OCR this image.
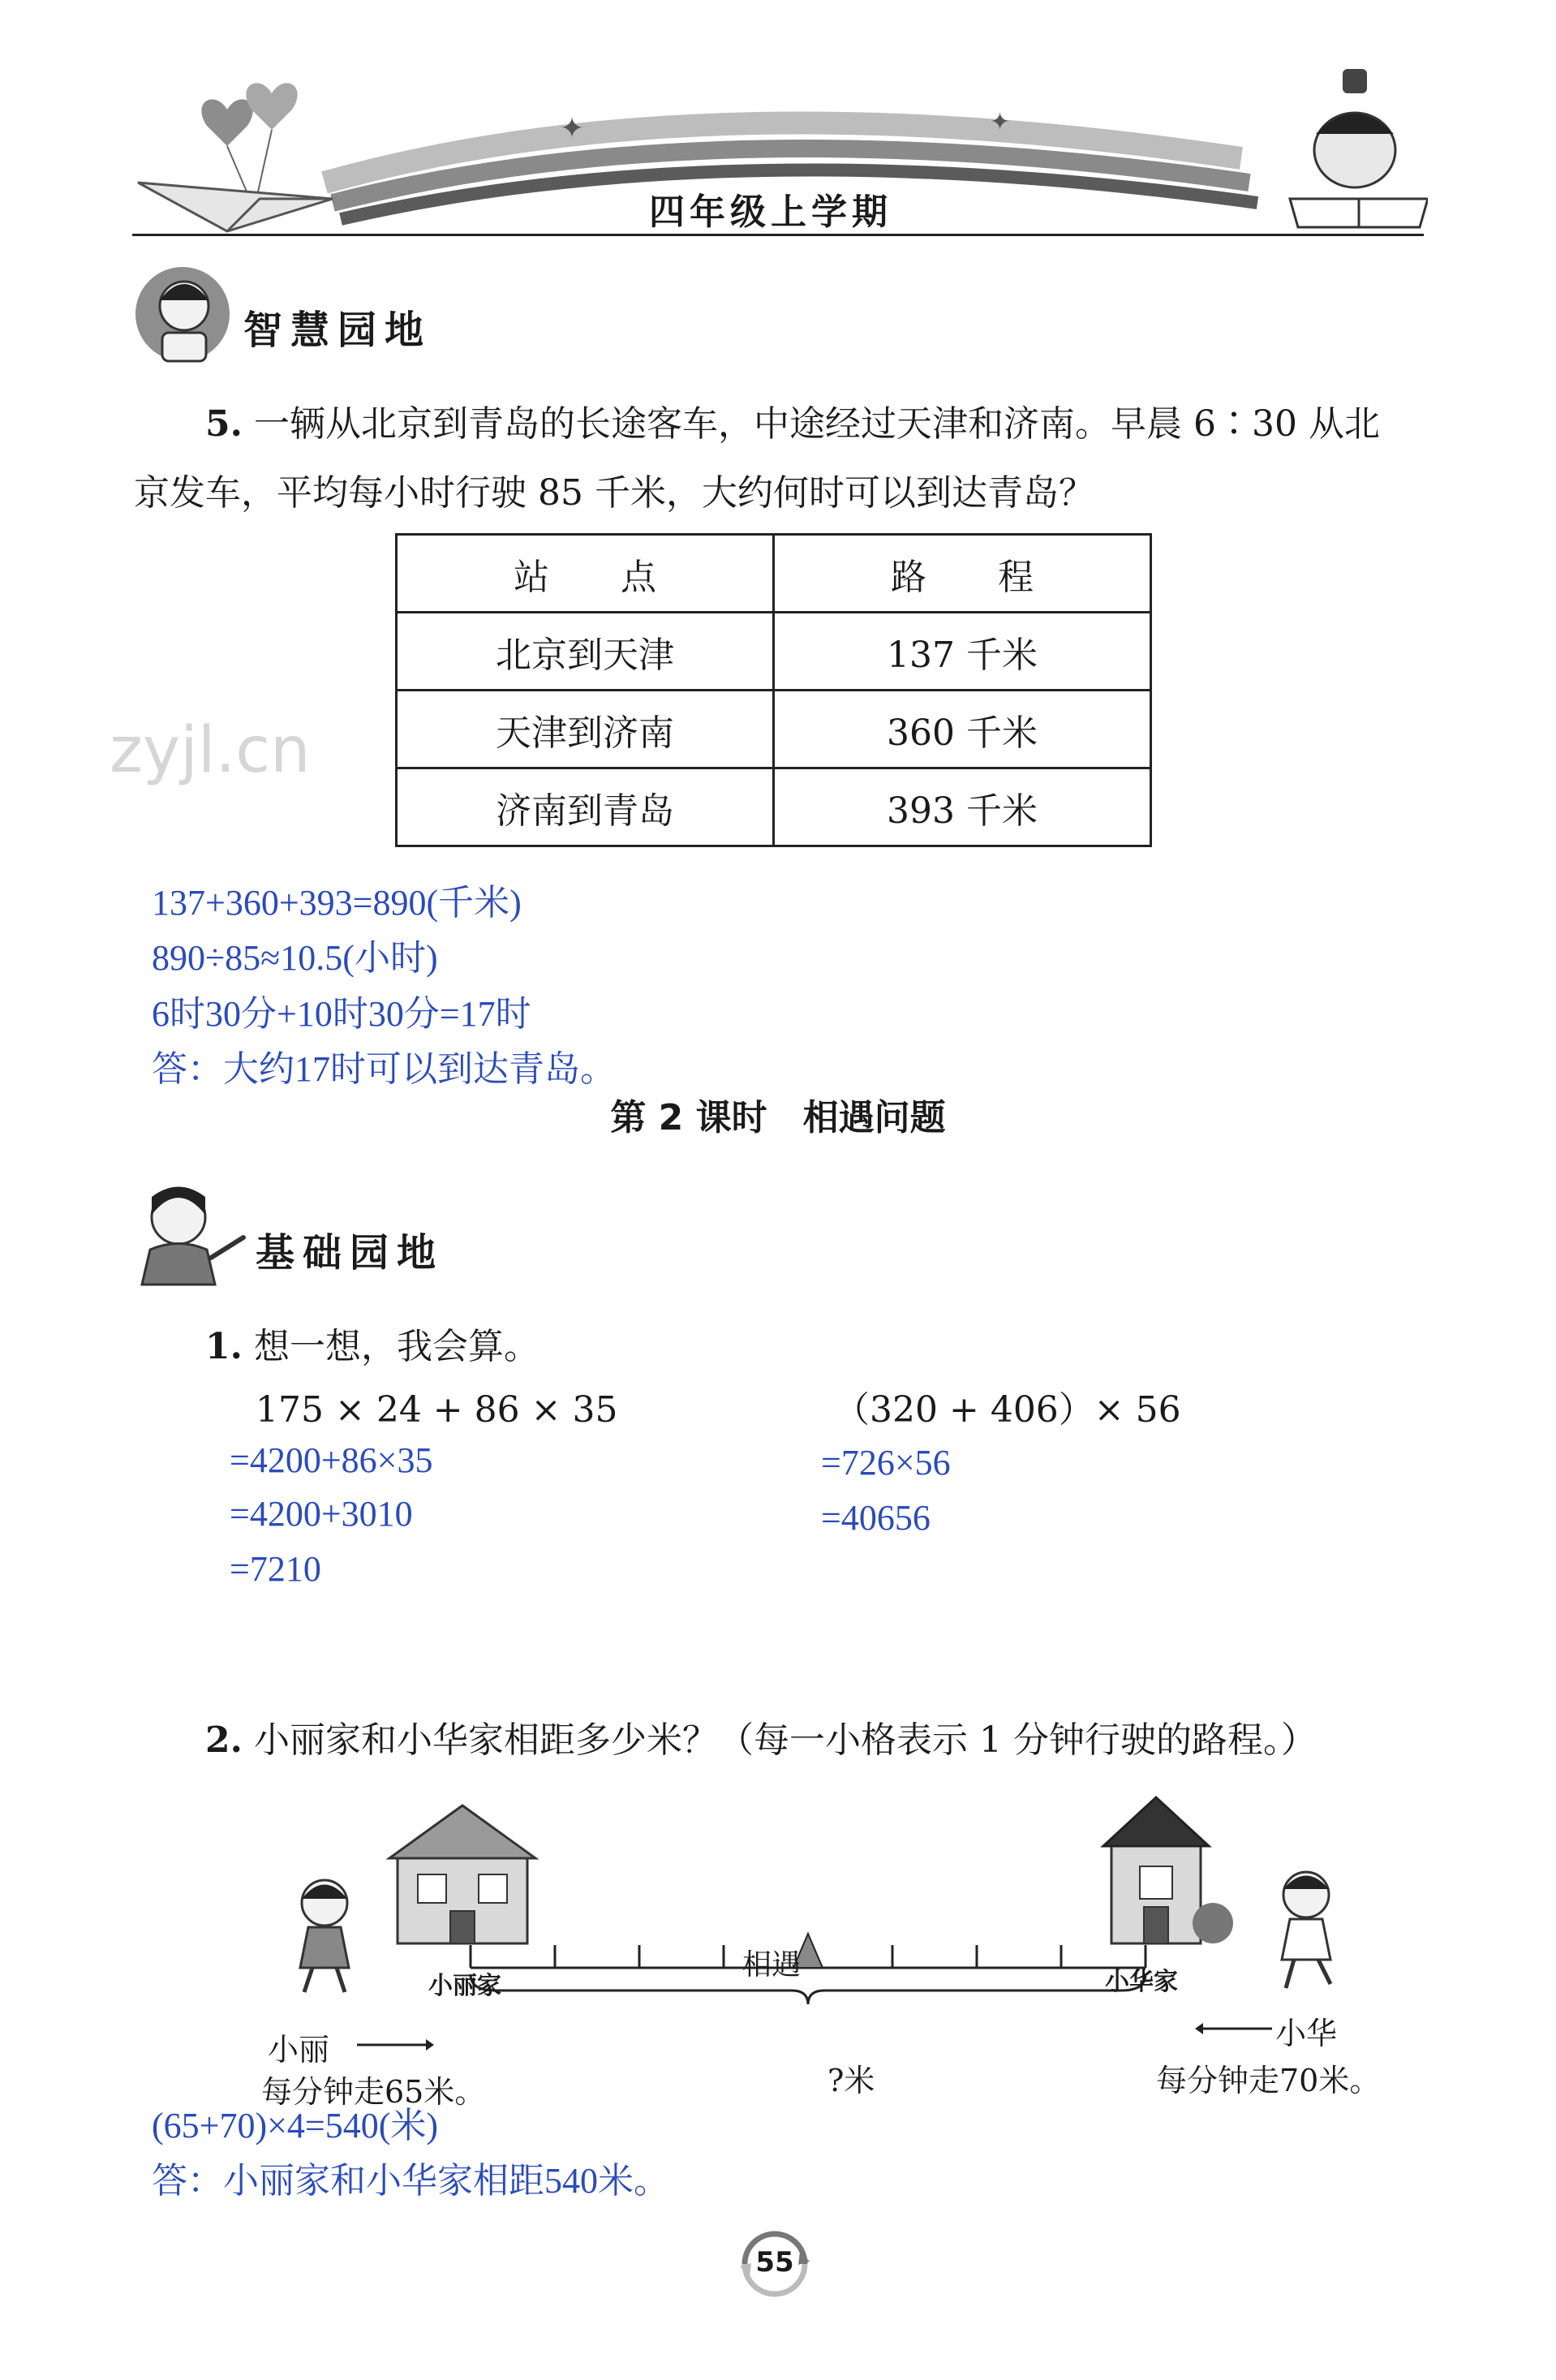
✦	✦
四年级上学期
智慧园地
5. 一辆从北京到青岛的长途客车，中途经过天津和济南。早晨 6∶30 从北
京发车，平均每小时行驶 85 千米，大约何时可以到达青岛？
站　　点	路　　程
北京到天津	137 千米
天津到济南	360 千米
济南到青岛	393 千米
zyjl.cn
137+360+393=890(千米)
890÷85≈10.5(小时)
6时30分+10时30分=17时
答：大约17时可以到达青岛。
第 2 课时　相遇问题
基础园地
1. 想一想，我会算。
175 × 24 + 86 × 35
=4200+86×35
=4200+3010
=7210
（320 + 406）× 56
=726×56
=40656
2. 小丽家和小华家相距多少米？（每一小格表示 1 分钟行驶的路程。）
小丽家	小华家
相遇
小丽
每分钟走65米。
小华
每分钟走70米。
?米
(65+70)×4=540(米)
答：小丽家和小华家相距540米。
55
